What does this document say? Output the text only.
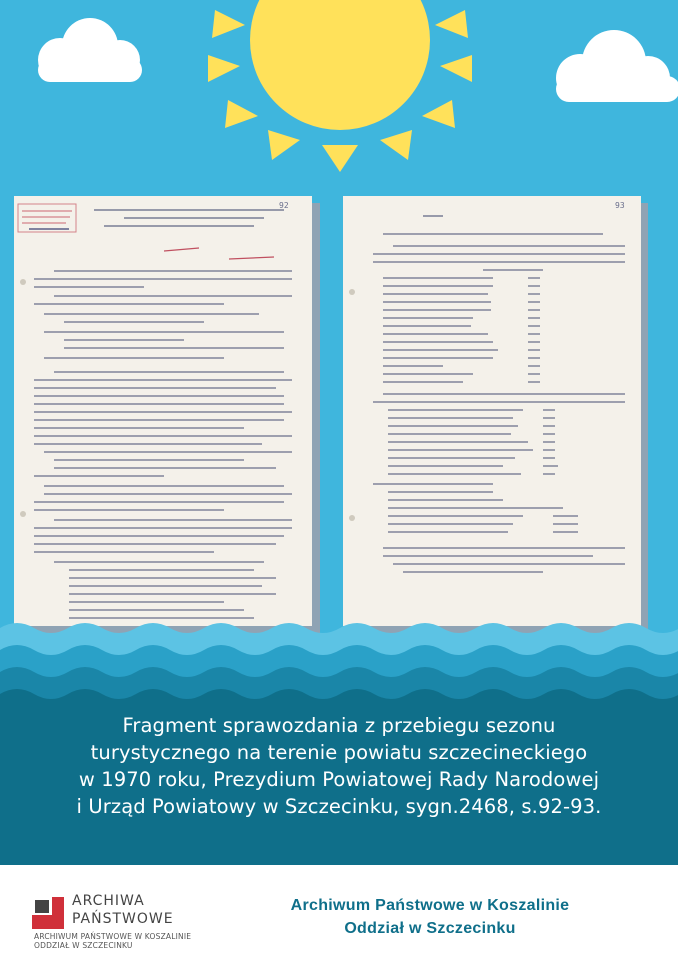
92	93
Fragment sprawozdania z przebiegu sezonu
turystycznego na terenie powiatu szczecineckiego
w 1970 roku, Prezydium Powiatowej Rady Narodowej
i Urząd Powiatowy w Szczecinku, sygn.2468, s.92-93.
ARCHIWA
PAŃSTWOWE
ARCHIWUM PAŃSTWOWE W KOSZALINIE
ODDZIAŁ W SZCZECINKU
Archiwum Państwowe w Koszalinie
Oddział w Szczecinku
